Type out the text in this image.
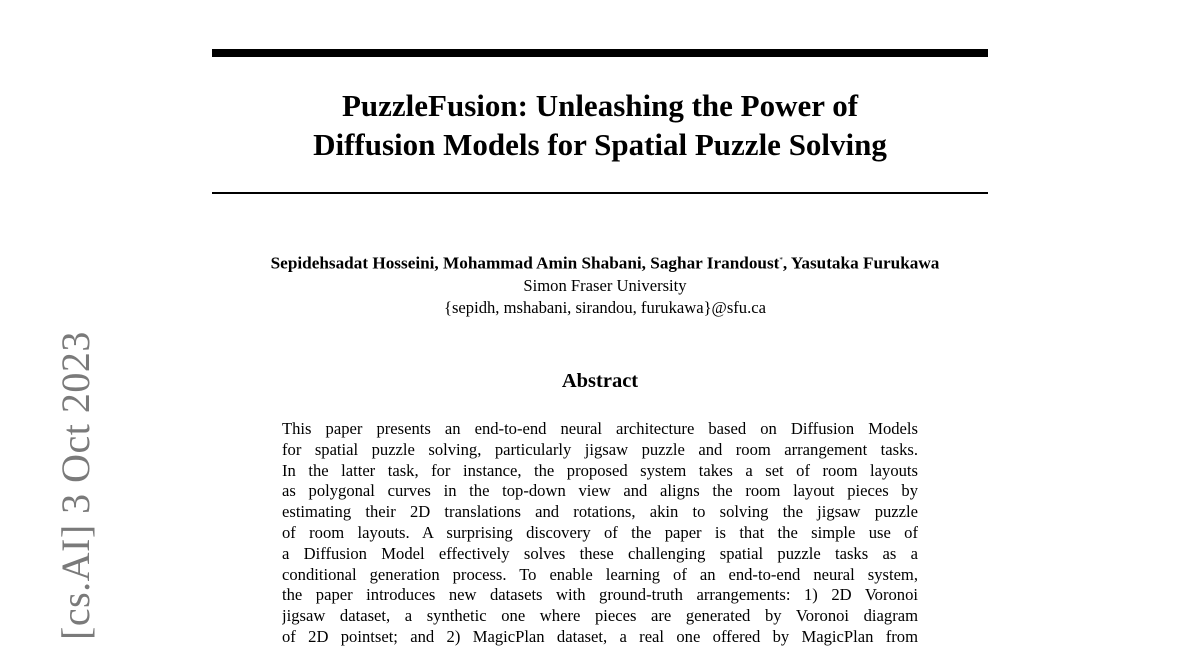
PuzzleFusion: Unleashing the Power of
Diffusion Models for Spatial Puzzle Solving
Sepidehsadat Hosseini, Mohammad Amin Shabani, Saghar Irandoust*, Yasutaka Furukawa
Simon Fraser University
{sepidh, mshabani, sirandou, furukawa}@sfu.ca
Abstract
This paper presents an end-to-end neural architecture based on Diffusion Models
for spatial puzzle solving, particularly jigsaw puzzle and room arrangement tasks.
In the latter task, for instance, the proposed system takes a set of room layouts
as polygonal curves in the top-down view and aligns the room layout pieces by
estimating their 2D translations and rotations, akin to solving the jigsaw puzzle
of room layouts. A surprising discovery of the paper is that the simple use of
a Diffusion Model effectively solves these challenging spatial puzzle tasks as a
conditional generation process. To enable learning of an end-to-end neural system,
the paper introduces new datasets with ground-truth arrangements: 1) 2D Voronoi
jigsaw dataset, a synthetic one where pieces are generated by Voronoi diagram
of 2D pointset; and 2) MagicPlan dataset, a real one offered by MagicPlan from
[cs.AI] 3 Oct 2023
